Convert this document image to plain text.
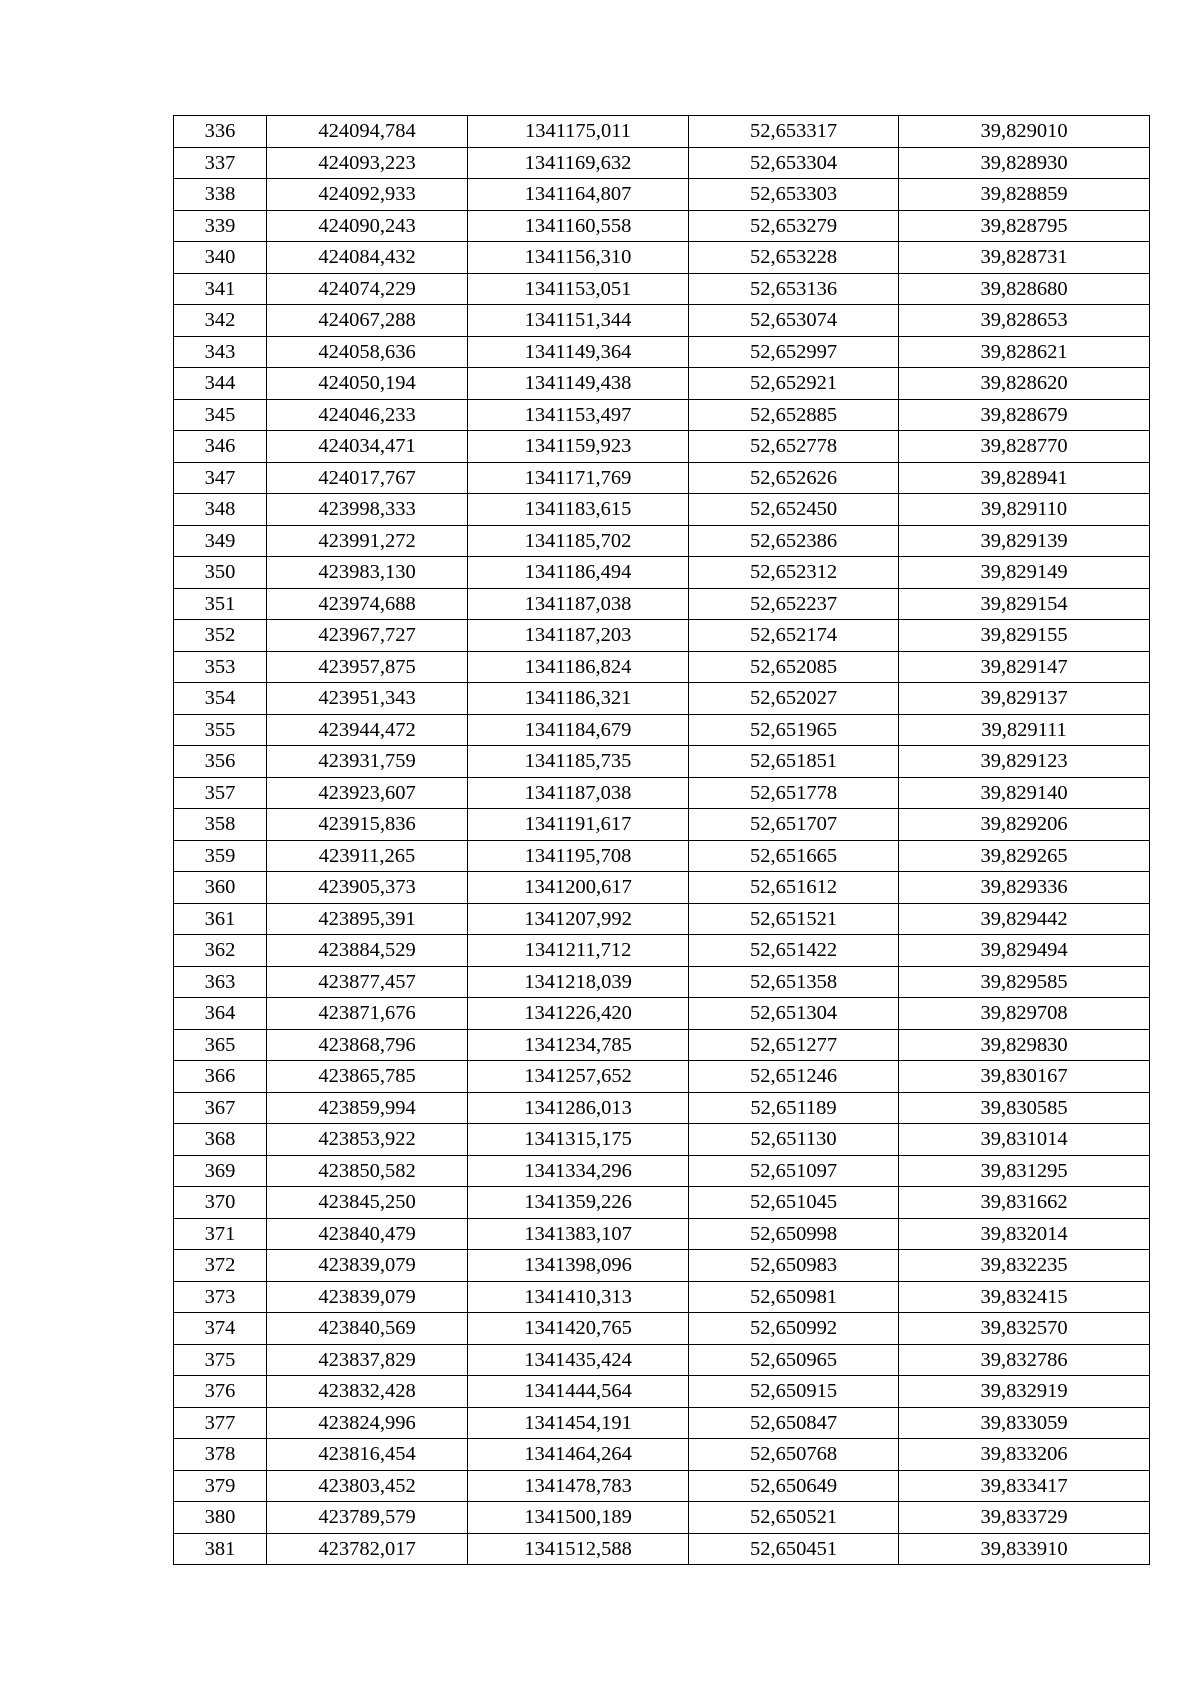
336	424094,784	1341175,011	52,653317	39,829010
337	424093,223	1341169,632	52,653304	39,828930
338	424092,933	1341164,807	52,653303	39,828859
339	424090,243	1341160,558	52,653279	39,828795
340	424084,432	1341156,310	52,653228	39,828731
341	424074,229	1341153,051	52,653136	39,828680
342	424067,288	1341151,344	52,653074	39,828653
343	424058,636	1341149,364	52,652997	39,828621
344	424050,194	1341149,438	52,652921	39,828620
345	424046,233	1341153,497	52,652885	39,828679
346	424034,471	1341159,923	52,652778	39,828770
347	424017,767	1341171,769	52,652626	39,828941
348	423998,333	1341183,615	52,652450	39,829110
349	423991,272	1341185,702	52,652386	39,829139
350	423983,130	1341186,494	52,652312	39,829149
351	423974,688	1341187,038	52,652237	39,829154
352	423967,727	1341187,203	52,652174	39,829155
353	423957,875	1341186,824	52,652085	39,829147
354	423951,343	1341186,321	52,652027	39,829137
355	423944,472	1341184,679	52,651965	39,829111
356	423931,759	1341185,735	52,651851	39,829123
357	423923,607	1341187,038	52,651778	39,829140
358	423915,836	1341191,617	52,651707	39,829206
359	423911,265	1341195,708	52,651665	39,829265
360	423905,373	1341200,617	52,651612	39,829336
361	423895,391	1341207,992	52,651521	39,829442
362	423884,529	1341211,712	52,651422	39,829494
363	423877,457	1341218,039	52,651358	39,829585
364	423871,676	1341226,420	52,651304	39,829708
365	423868,796	1341234,785	52,651277	39,829830
366	423865,785	1341257,652	52,651246	39,830167
367	423859,994	1341286,013	52,651189	39,830585
368	423853,922	1341315,175	52,651130	39,831014
369	423850,582	1341334,296	52,651097	39,831295
370	423845,250	1341359,226	52,651045	39,831662
371	423840,479	1341383,107	52,650998	39,832014
372	423839,079	1341398,096	52,650983	39,832235
373	423839,079	1341410,313	52,650981	39,832415
374	423840,569	1341420,765	52,650992	39,832570
375	423837,829	1341435,424	52,650965	39,832786
376	423832,428	1341444,564	52,650915	39,832919
377	423824,996	1341454,191	52,650847	39,833059
378	423816,454	1341464,264	52,650768	39,833206
379	423803,452	1341478,783	52,650649	39,833417
380	423789,579	1341500,189	52,650521	39,833729
381	423782,017	1341512,588	52,650451	39,833910
